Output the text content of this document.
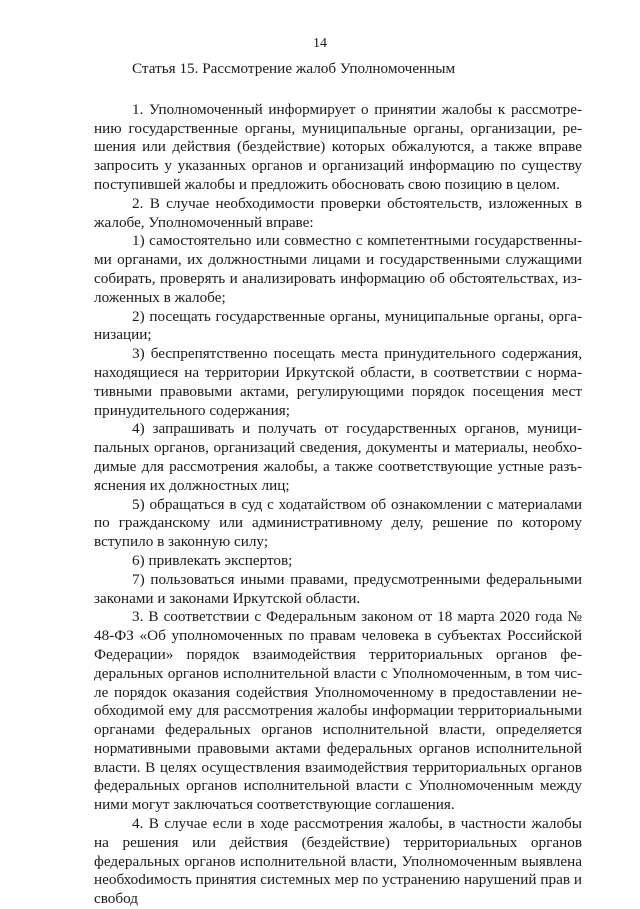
14

Статья 15. Рассмотрение жалоб Уполномоченным

1. Уполномоченный информирует о принятии жалобы к рассмотрению государственные органы, муниципальные органы, организации, решения или действия (бездействие) которых обжалуются, а также вправе запросить у указанных органов и организаций информацию по существу поступившей жалобы и предложить обосновать свою позицию в целом.

2. В случае необходимости проверки обстоятельств, изложенных в жалобе, Уполномоченный вправе:

1) самостоятельно или совместно с компетентными государственными органами, их должностными лицами и государственными служащими собирать, проверять и анализировать информацию об обстоятельствах, изложенных в жалобе;

2) посещать государственные органы, муниципальные органы, организации;

3) беспрепятственно посещать места принудительного содержания, находящиеся на территории Иркутской области, в соответствии с нормативными правовыми актами, регулирующими порядок посещения мест принудительного содержания;

4) запрашивать и получать от государственных органов, муниципальных органов, организаций сведения, документы и материалы, необходимые для рассмотрения жалобы, а также соответствующие устные разъяснения их должностных лиц;

5) обращаться в суд с ходатайством об ознакомлении с материалами по гражданскому или административному делу, решение по которому вступило в законную силу;

6) привлекать экспертов;

7) пользоваться иными правами, предусмотренными федеральными законами и законами Иркутской области.

3. В соответствии с Федеральным законом от 18 марта 2020 года № 48-ФЗ «Об уполномоченных по правам человека в субъектах Российской Федерации» порядок взаимодействия территориальных органов федеральных органов исполнительной власти с Уполномоченным, в том числе порядок оказания содействия Уполномоченному в предоставлении необходимой ему для рассмотрения жалобы информации территориальными органами федеральных органов исполнительной власти, определяется нормативными правовыми актами федеральных органов исполнительной власти. В целях осуществления взаимодействия территориальных органов федеральных органов исполнительной власти с Уполномоченным между ними могут заключаться соответствующие соглашения.

4. В случае если в ходе рассмотрения жалобы, в частности жалобы на решения или действия (бездействие) территориальных органов федеральных органов исполнительной власти, Уполномоченным выявлена необхоdимость принятия системных мер по устранению нарушений прав и свобод
